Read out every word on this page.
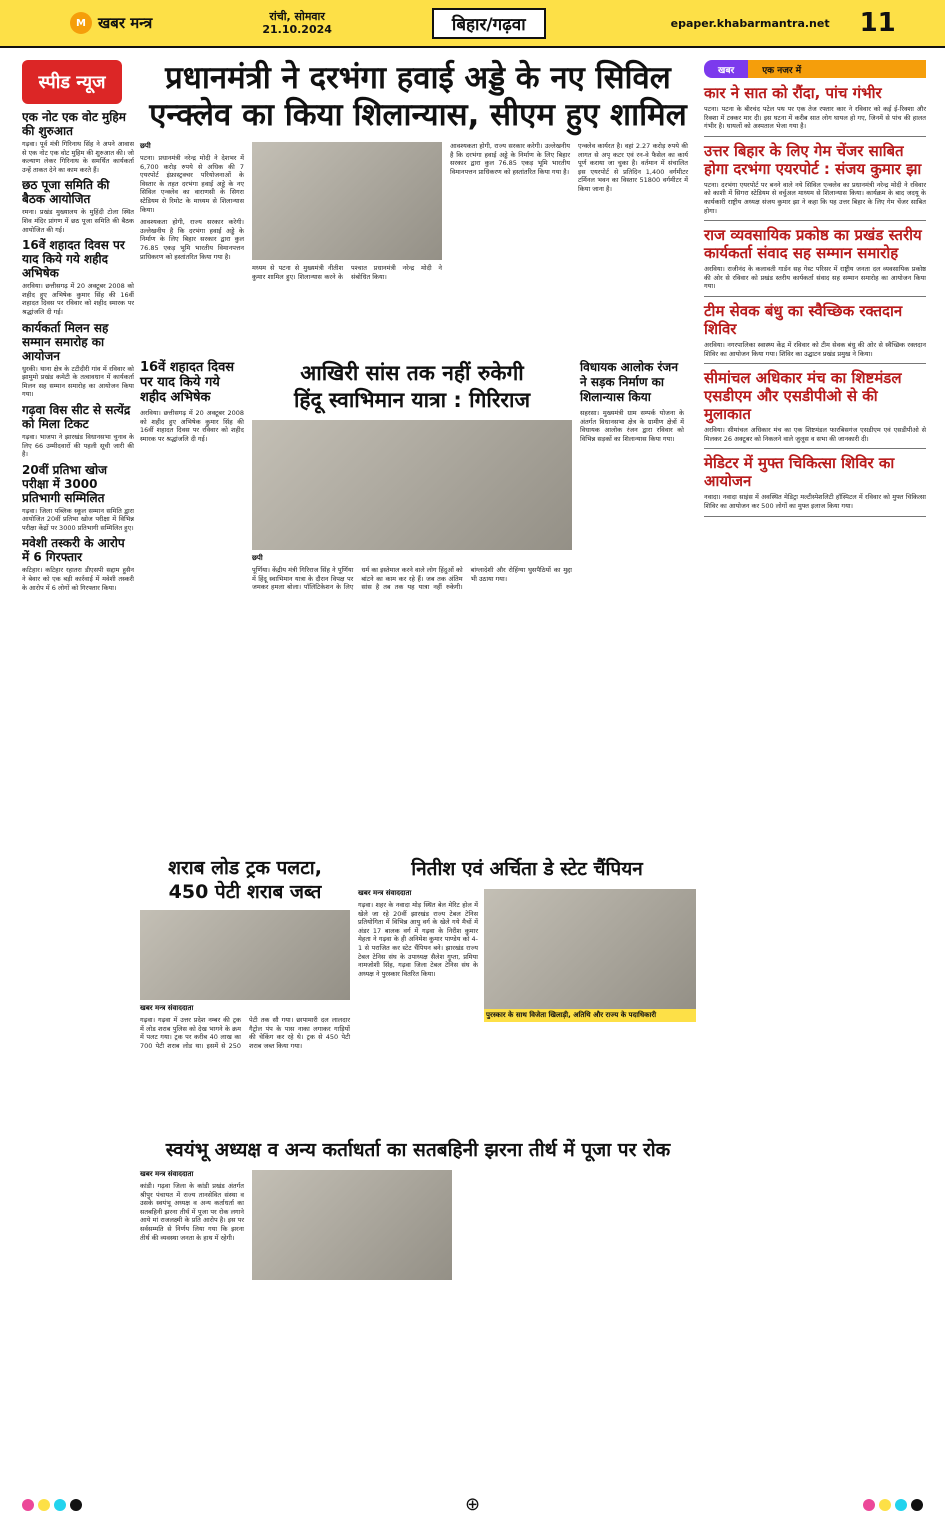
M खबर मन्त्र	रांची, सोमवार
21.10.2024	बिहार/गढ़वा	epaper.khabarmantra.net 11
स्पीड न्यूज
एक नोट एक वोट मुहिम की शुरुआत
गढ़वा। पूर्व मंत्री गिरिनाथ सिंह ने अपने आवास से एक नोट एक वोट मुहिम की शुरुआत की। जो कल्याण लेकर गिरिनाथ के समर्थित कार्यकर्ता उन्हें ताकत देने का काम करते हैं।
छठ पूजा समिति की बैठक आयोजित
रमना। प्रखंड मुख्यालय के मुहिंदी टोला स्थित शिव मंदिर प्रांगण में छठ पूजा समिति की बैठक आयोजित की गई।
16वें शहादत दिवस पर याद किये गये शहीद अभिषेक
अरविया। छत्तीसगढ़ में 20 अक्टूबर 2008 को शहीद हुए अभिषेक कुमार सिंह की 16वीं शहादत दिवस पर रविवार को शहीद स्मारक पर श्रद्धांजलि दी गई।
कार्यकर्ता मिलन सह सम्मान समारोह का आयोजन
धुरकी। थाना क्षेत्र के टटीदीरी गांव में रविवार को झामुमो प्रखंड कमेटी के तत्वावधान में कार्यकर्ता मिलन सह सम्मान समारोह का आयोजन किया गया।
गढ़वा विस सीट से सत्येंद्र को मिला टिकट
गढ़वा। भाजपा ने झारखंड विधानसभा चुनाव के लिए 66 उम्मीदवारों की पहली सूची जारी की है।
20वीं प्रतिभा खोज परीक्षा में 3000 प्रतिभागी सम्मिलित
गढ़वा। जिला पब्लिक स्कूल सम्मान समिति द्वारा आयोजित 20वीं प्रतिभा खोज परीक्षा में विभिन्न परीक्षा केंद्रों पर 3000 प्रतिभागी सम्मिलित हुए।
मवेशी तस्करी के आरोप में 6 गिरफ्तार
कटिहार। कटिहार रहातरा डीएसपी सद्दाम हुसैन ने बेवार को एक बड़ी कार्रवाई में मवेशी तस्करी के आरोप में 6 लोगों को गिरफ्तार किया।
प्रधानमंत्री ने दरभंगा हवाई अड्डे के नए सिविल
एन्क्लेव का किया शिलान्यास, सीएम हुए शामिल
छपी
पटना। प्रधानमंत्री नरेन्द्र मोदी ने देशभर में 6,700 करोड़ रुपये से अधिक की 7 एयरपोर्ट इंफ्रास्ट्रक्चर परियोजनाओं के विस्तार के तहत दरभंगा हवाई अड्डे के नए सिविल एन्क्लेव का वाराणसी के सिगरा स्टेडियम से रिमोट के माध्यम से शिलान्यास किया।
आवश्यकता होगी, राज्य सरकार करेगी। उल्लेखनीय है कि दरभंगा हवाई अड्डे के निर्माण के लिए बिहार सरकार द्वारा कुल 76.85 एकड़ भूमि भारतीय विमानपत्तन प्राधिकरण को हस्तांतरित किया गया है।
मध्यम से पटना से मुख्यमंत्री नीतीश कुमार शामिल हुए। शिलान्यास करने के पश्चात प्रधानमंत्री नरेन्द्र मोदी ने संबोधित किया।
आवश्यकता होगी, राज्य सरकार करेगी। उल्लेखनीय है कि दरभंगा हवाई अड्डे के निर्माण के लिए बिहार सरकार द्वारा कुल 76.85 एकड़ भूमि भारतीय विमानपत्तन प्राधिकरण को हस्तांतरित किया गया है।
एन्क्लेव कार्यरत है। वहां 2.27 करोड़ रुपये की लागत से अपृ कटर एवं रन-वे फैसेल का कार्य पूर्ण कराया जा चुका है। वर्तमान में संचालित इस एयरपोर्ट से प्रतिदिन 1,400 वर्गमीटर टर्मिनल भवन का विस्तार 51800 वर्गमीटर में किया जाना है।
16वें शहादत दिवस पर याद किये गये शहीद अभिषेक
अरविया। छत्तीसगढ़ में 20 अक्टूबर 2008 को शहीद हुए अभिषेक कुमार सिंह की 16वीं शहादत दिवस पर रविवार को शहीद स्मारक पर श्रद्धांजलि दी गई।
आखिरी सांस तक नहीं रुकेगी
हिंदू स्वाभिमान यात्रा : गिरिराज
छपी
पूर्णिया। केंद्रीय मंत्री गिरिराज सिंह ने पूर्णिया में हिंदू स्वाभिमान यात्रा के दौरान विपक्ष पर जमकर हमला बोला। पॉलिटिकेशन के लिए धर्म का इस्तेमाल करने वाले लोग हिंदुओं को बांटने का काम कर रहे हैं। जब तक अंतिम सांस है तब तक यह यात्रा नहीं रुकेगी। बांग्लादेशी और रोहिंग्या घुसपैठियों का मुद्दा भी उठाया गया।
विधायक आलोक रंजन ने सड़क निर्माण का शिलान्यास किया
सहरसा। मुख्यमंत्री ग्राम सम्पर्क योजना के अंतर्गत विधानसभा क्षेत्र के ग्रामीण क्षेत्रों में विधायक आलोक रंजन द्वारा रविवार को विभिन्न सड़कों का शिलान्यास किया गया।
शराब लोड ट्रक पलटा,
450 पेटी शराब जब्त
खबर मन्त्र संवाददाता
गढ़वा। गढ़वा में उत्तर प्रदेश नम्बर की ट्रक में लोड शराब पुलिस को देख भागने के क्रम में पलट गया। ट्रक पर करीब 40 लाख का 700 पेटी शराब लोड था। इसमें से 250 पेटी तक सौ गया। छापामारी दल लालदार गैट्रोल पंप के पास नाका लगाकर गाड़ियों की चेकिंग कर रहे थे। ट्रक से 450 पेटी शराब जब्त किया गया।
नितीश एवं अर्चिता डे स्टेट चैंपियन
खबर मन्त्र संवाददाता
गढ़वा। शहर के नवादा मोड़ स्थित बेल मेरिट होल में खेले जा रहे 20वीं झारखंड राज्य टेबल टेनिस प्रतियोगिता में विभिन्न आयु वर्ग के खेले गये मैचों में अंडर 17 बालक वर्ग में गढ़वा के निरीश कुमार मेहता ने गढ़वा के ही अनिमेश कुमार पाण्डेय को 4-1 से पराजित कर स्टेट चैंपियन बने। झारखंड राज्य टेबल टेनिस संघ के उपाध्यक्ष सैलेश गुप्ता, प्रमिया नामजोशी सिंह, गढ़वा जिला टेबल टेनिस संघ के अध्यक्ष ने पुरस्कार वितरित किया।
पुरस्कार के साथ विजेता खिलाड़ी, अतिथि और राज्य के पदाधिकारी
स्वयंभू अध्यक्ष व अन्य कर्ताधर्ता का सतबहिनी झरना तीर्थ में पूजा पर रोक
खबर मन्त्र संवाददाता
कांडी। गढ़वा जिला के कांडी प्रखंड अंतर्गत श्रीपुर पंचायत में राज्य तानसेवित संस्था व उसके स्वयंभू अध्यक्ष व अन्य कर्ताधर्ता का सतबहिनी झरना तीर्थ में पूजा पर रोक लगाने आये मां राजलक्ष्मी के प्रति आरोप है। इस पर सर्वसम्मति से निर्णय लिया गया कि झरना तीर्थ की व्यवस्था जनता के हाथ में रहेगी।
खबर	एक नजर में
कार ने सात को रौंदा, पांच गंभीर
पटना। पटना के बीरचंद पटेल पथ पर एक तेज रफ्तार कार ने रविवार को कई ई-रिक्शा और रिक्शा में टक्कर मार दी। इस घटना में करीब सात लोग घायल हो गए, जिनमें से पांच की हालत गंभीर है। घायलों को अस्पताल भेजा गया है।
उत्तर बिहार के लिए गेम चेंजर साबित होगा दरभंगा एयरपोर्ट : संजय कुमार झा
पटना। दरभंगा एयरपोर्ट पर बनने वाले नये सिविल एन्क्लेव का प्रधानमंत्री नरेन्द्र मोदी ने रविवार को काशी में सिगरा स्टेडियम से वर्चुअल माध्यम से शिलान्यास किया। कार्यक्रम के बाद जदयू के कार्यकारी राष्ट्रीय अध्यक्ष संजय कुमार झा ने कहा कि यह उत्तर बिहार के लिए गेम चेंजर साबित होगा।
राज व्यवसायिक प्रकोष्ठ का प्रखंड स्तरीय कार्यकर्ता संवाद सह सम्मान समारोह
अरविया। राजीनंद के कलावती गार्डन सह गेस्ट परिसर में राष्ट्रीय जनता दल व्यवसायिक प्रकोष्ठ की ओर से रविवार को प्रखंड स्तरीय कार्यकर्ता संवाद सह सम्मान समारोह का आयोजन किया गया।
टीम सेवक बंधु का स्वैच्छिक रक्तदान शिविर
अरविया। नगरपालिका स्वास्थ्य केंद्र में रविवार को टीम सेवक बंधु की ओर से स्वैच्छिक रक्तदान शिविर का आयोजन किया गया। शिविर का उद्घाटन प्रखंड प्रमुख ने किया।
सीमांचल अधिकार मंच का शिष्टमंडल एसडीएम और एसडीपीओ से की मुलाकात
अरविया। सीमांचल अधिकार मंच का एक शिष्टमंडल फारबिसगंज एसडीएम एवं एसडीपीओ से मिलकर 26 अक्टूबर को निकलने वाले जुलूस व सभा की जानकारी दी।
मेडिटर में मुफ्त चिकित्सा शिविर का आयोजन
नवादा। नवादा साइंस में अवस्थित मेडिट्रा मल्टीस्पेशलिटी हॉस्पिटल में रविवार को मुफ्त चिकित्सा शिविर का आयोजन कर 500 लोगों का मुफ्त इलाज किया गया।
⊕
